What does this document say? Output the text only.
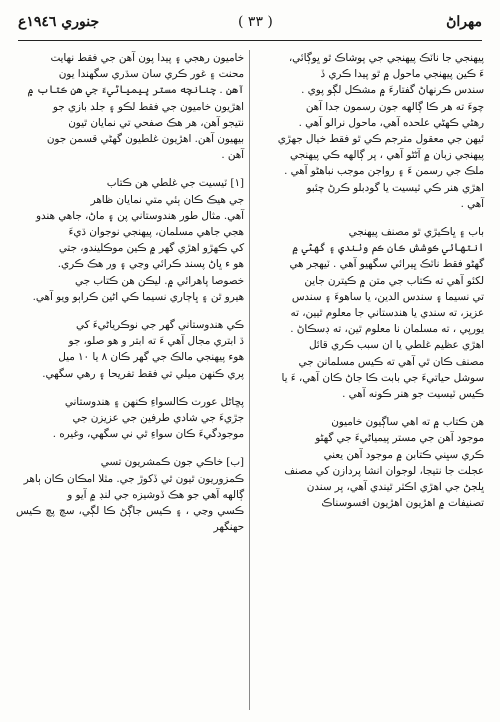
جنوري ١٩٤٦ع	( ٣٣ )	مهراڻ

پيهنجي جا ناٽڪ پيهنجي جي پوشاڪ ٿو ڀوڳائي،
ءَ ڪين پيهنجي ماحول ۾ ٿو پيدا ڪري ڏ
سندس ڪرنهاڻ گفتارءَ ۾ مشڪل لڳو پوي .
چوءَ ته هر ڪا ڳالهه جون رسمون جدا آهن
رهڻي ڪهڻي علحده آهي، ماحول نرالو آهي .
ئيهن جي معقول مترجم ڪي ٿو فقط خيال جهڙي
پيهنجي زبان ۾ آڻڻو آهي ، پر ڳالهه ڪي پيهنجي
ملڪ جي رسمن ءَ ۽ رواجن موجب نباهڻو آهي .
اهڙي هنر ڪي ٽيسيت يا گودبلو ڪرڻ چئبو
آهي .

باب ۽ ڀاڪيڙي ٿو مصنف پيهنجي
انتهائي ڪوشش ڪان ڪم وٺندي ۽ گهڻي ۾
گهڻو فقط ناٽڪ ڀيرائي سگهيو آهي . ٽيهجر هي
لکئو آهي ته ڪتاب جي متن ۾ ڪيترن جاين
تي نسيما ۽ سندس الدين، يا ساهوءَ ۽ سندس
عزيز، ته سندي يا هندستاني جا معلوم ٿيين، ته
يورپي ، ته مسلمان نا معلوم ٿين، ته ڊسڪاڻ .
اهڙي عظيم غلطي يا ان سبب ڪري قائل
مصنف ڪان ٿي آهي ته ڪيس مسلمانن جي
سوشل حياتيءَ جي بابت ڪا جاڻ ڪان آهي، ءَ يا
ڪيس ٽيسيت جو هنر ڪونه آهي .

هن ڪتاب ۾ ته اهي ساڳيون خاميون
موجود آهن جي مستر پيمياڻيءَ جي گهڻو
ڪري سڀني ڪتابن ۾ موجود آهن يعني
عجلت جا نتيجا، لوجوان انشا پردازن کي مصنف
ڀلجڻ جي اهڙي اڪثر ٿيندي آهي، پر سندن
تصنيفات ۾ اهڙيون اهڙيون افسوسناڪ

خاميون رهجي ۽ پيدا پون آهن جي فقط نهايت
محنت ۽ غور ڪري سان سڌري سگهندا يون
آهن . چنانچه مستر پيمياڻيءَ جي هن ڪتاب ۾
اهڙيون خاميون جي فقط لڪو ۽ جلد بازي جو
نتيجو آهن، هر هڪ صفحي تي نمايان ٿيون
بيهيون آهن. اهڙيون غلطيون گهڻي قسمن جون
آهن .

[۱] ٽيسيت جي غلطي هن ڪتاب
جي هيڪ ڪان ٻئي متي نمايان ظاهر
آهي. مثال طور هندوستاني پن ۽ ماڻ، جاهي هندو
هجي جاهي مسلمان، پيهنجي نوجوان ڌيءَ
کي ڪهڙو اهڙي گهر ۾ ڪين موڪليندو، جتي
هو ء ڀاڻ پسند ڪرائي وڃي ۽ ور هڪ ڪري.
خصوصا پاهرائي ۾. ليڪن هن ڪتاب جي
هيرو ٿن ۽ ڀاڄاري نسيما ڪي اڻين ڪراٻو ويو آهي.

ڪي هندوستاني گهر جي نوڪرياڻيءَ کي
ڌ ابتري مجال آهي ءَ ته ابتر و هو صلو، جو
هوء پيهنجي مالڪ جي گهر ڪان ۸ يا ۱۰ ميل
پري ڪنهن ميلي تي فقط تفريحا ۽ رهي سگهي.

پڇاڻل عورت ڪالسواءِ ڪنهن ۽ هندوستاني
جڙيءَ جي شادي طرفين جي عزيزن جي
موجودگيءَ ڪان سواءِ ٿي ني سگهي، وغيره .

[ب] خاڪي جون ڪمشريون تسي
ڪمزوريون ٿيون ٿي ڏکوڙ جي. مثلا امڪان ڪان ٻاهر
ڳالهه آهي جو هڪ ڏوشيزه جي لنڊ ۾ آيو و
ڪسي وڃي ، ۽ ڪيس جاڳڻ ڪا لڳي، سچ پچ ڪيس حهنگهر
